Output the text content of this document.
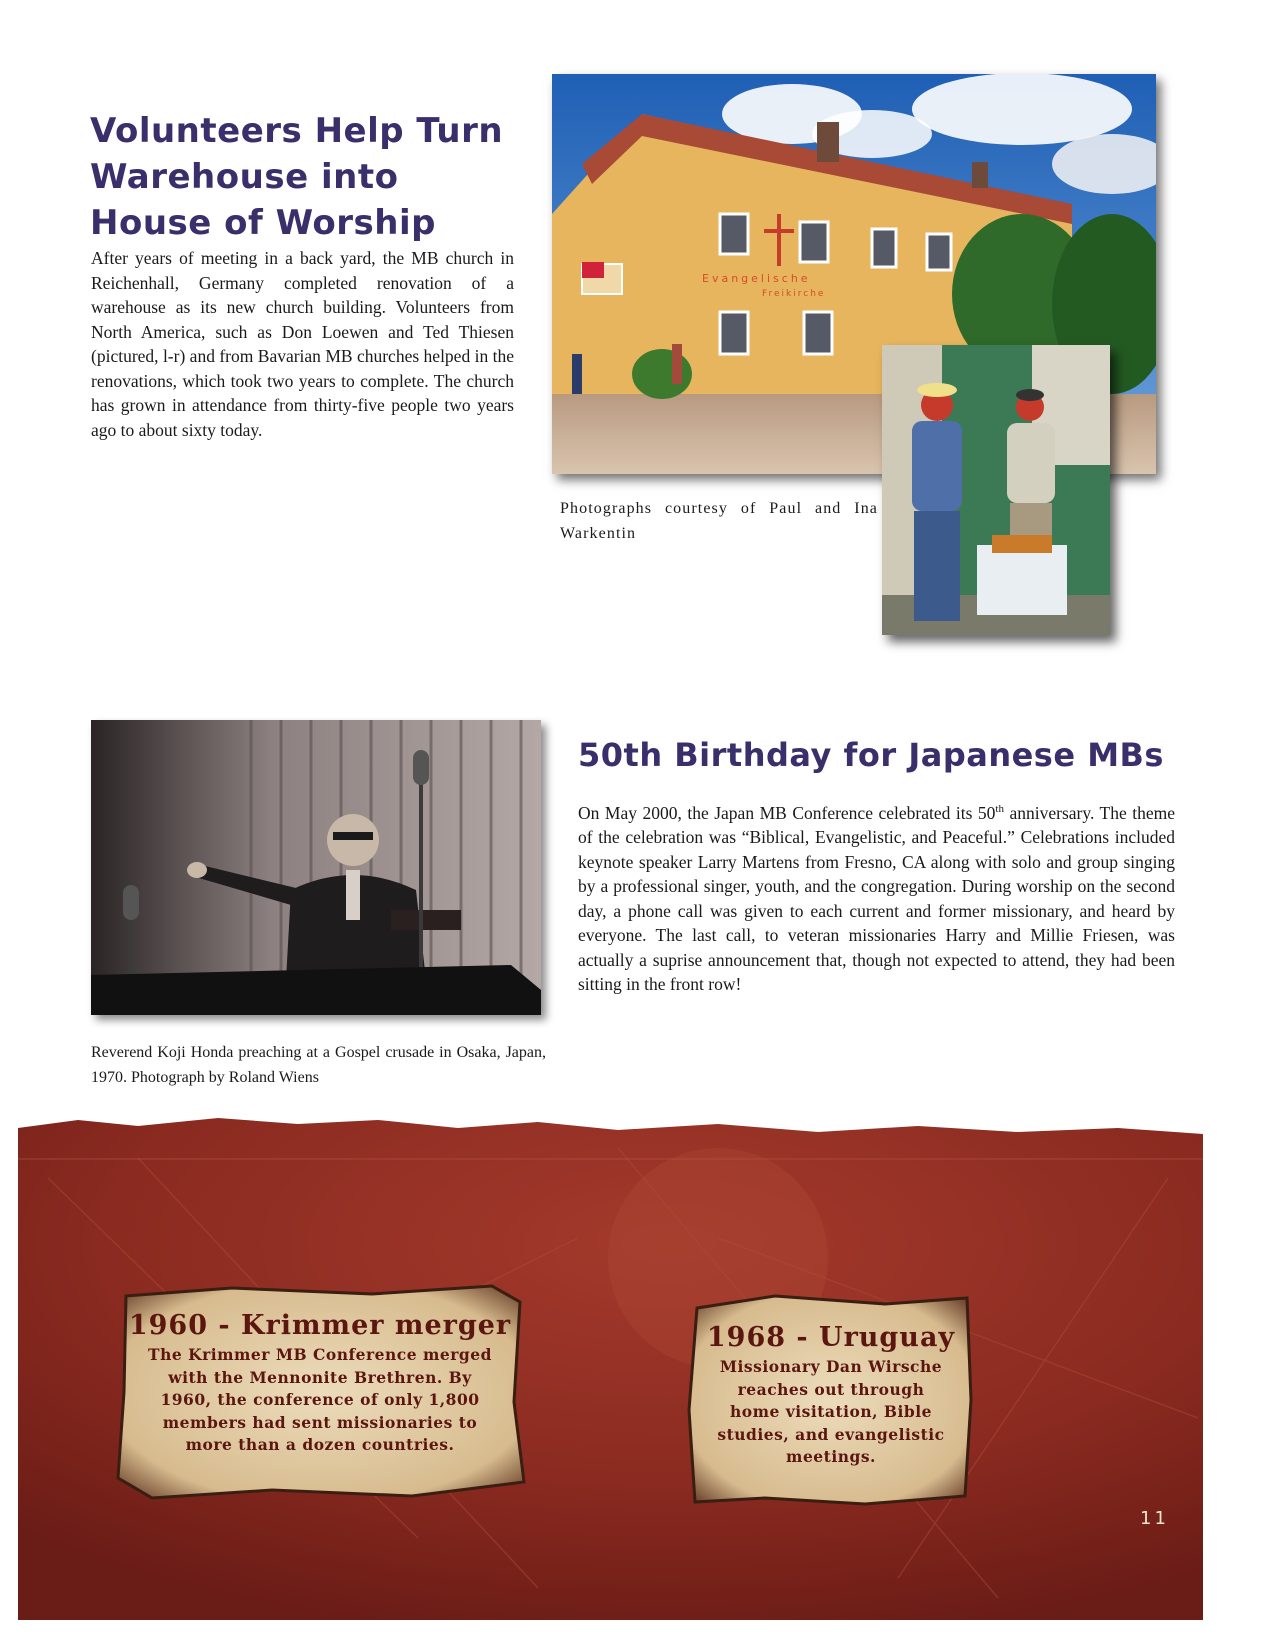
Volunteers Help Turn Warehouse into House of Worship

After years of meeting in a back yard, the MB church in Reichenhall, Germany completed renovation of a warehouse as its new church building. Volunteers from North America, such as Don Loewen and Ted Thiesen (pictured, l-r) and from Bavarian MB churches helped in the renovations, which took two years to complete. The church has grown in attendance from thirty-five people two years ago to about sixty today.

Evangelische
Freikirche

Photographs courtesy of Paul and Ina Warkentin

Reverend Koji Honda preaching at a Gospel crusade in Osaka, Japan, 1970. Photograph by Roland Wiens

50th Birthday for Japanese MBs

On May 2000, the Japan MB Conference celebrated its 50th anniversary. The theme of the celebration was “Biblical, Evangelistic, and Peaceful.” Celebrations included keynote speaker Larry Martens from Fresno, CA along with solo and group singing by a professional singer, youth, and the congregation. During worship on the second day, a phone call was given to each current and former missionary, and heard by everyone. The last call, to veteran missionaries Harry and Millie Friesen, was actually a suprise announcement that, though not expected to attend, they had been sitting in the front row!

1960 - Krimmer merger

The Krimmer MB Conference merged with the Mennonite Brethren. By 1960, the conference of only 1,800 members had sent missionaries to more than a dozen countries.

1968 - Uruguay

Missionary Dan Wirsche reaches out through home visitation, Bible studies, and evangelistic meetings.

11
